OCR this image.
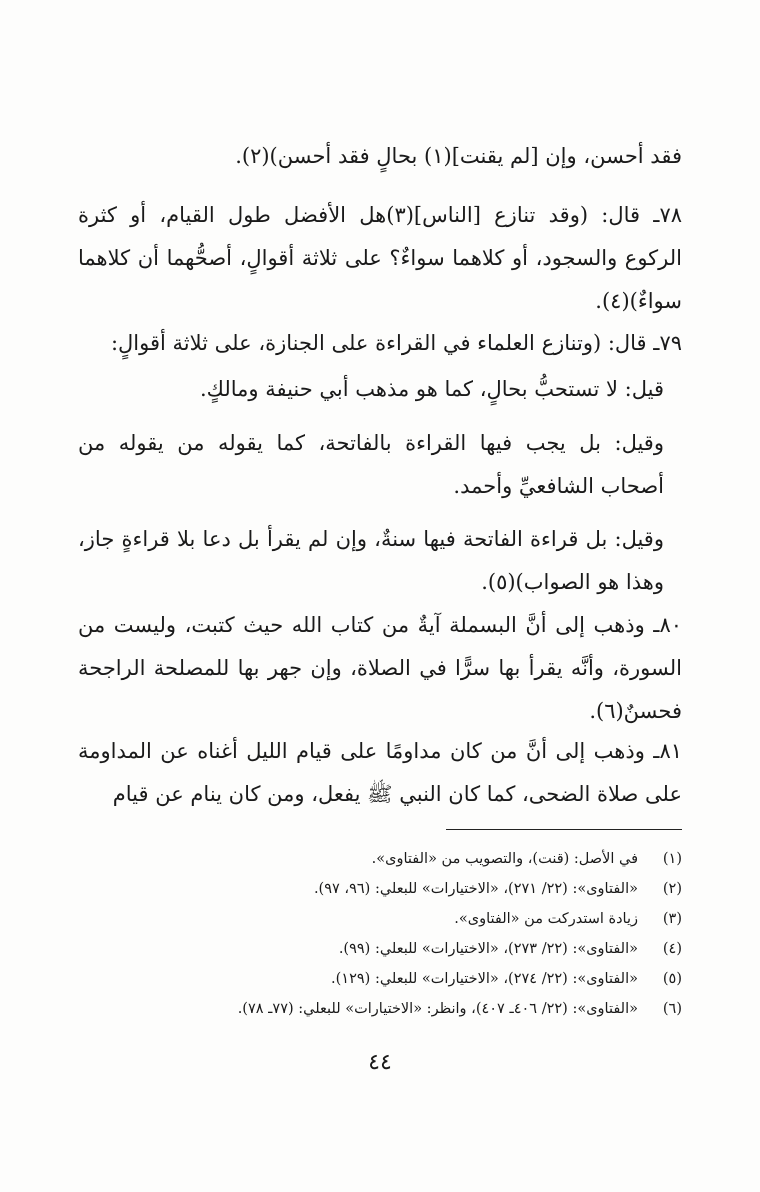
فقد أحسن، وإن [لم يقنت](١) بحالٍ فقد أحسن)(٢).
٧٨ـ قال: (وقد تنازع [الناس](٣)هل الأفضل طول القيام، أو كثرة الركوع والسجود، أو كلاهما سواءٌ؟ على ثلاثة أقوالٍ، أصحُّهما أن كلاهما سواءٌ)(٤).
٧٩ـ قال: (وتنازع العلماء في القراءة على الجنازة، على ثلاثة أقوالٍ:
قيل: لا تستحبُّ بحالٍ، كما هو مذهب أبي حنيفة ومالكٍ.
وقيل: بل يجب فيها القراءة بالفاتحة، كما يقوله من يقوله من أصحاب الشافعيِّ وأحمد.
وقيل: بل قراءة الفاتحة فيها سنةٌ، وإن لم يقرأ بل دعا بلا قراءةٍ جاز، وهذا هو الصواب)(٥).
٨٠ـ وذهب إلى أنَّ البسملة آيةٌ من كتاب الله حيث كتبت، وليست من السورة، وأنَّه يقرأ بها سرًّا في الصلاة، وإن جهر بها للمصلحة الراجحة فحسنٌ(٦).
٨١ـ وذهب إلى أنَّ من كان مداومًا على قيام الليل أغناه عن المداومة على صلاة الضحى، كما كان النبي ﷺ يفعل، ومن كان ينام عن قيام
(١)في الأصل: (قنت)، والتصويب من «الفتاوى».
(٢)«الفتاوى»: (٢٢/ ٢٧١)، «الاختيارات» للبعلي: (٩٦، ٩٧).
(٣)زيادة استدركت من «الفتاوى».
(٤)«الفتاوى»: (٢٢/ ٢٧٣)، «الاختيارات» للبعلي: (٩٩).
(٥)«الفتاوى»: (٢٢/ ٢٧٤)، «الاختيارات» للبعلي: (١٢٩).
(٦)«الفتاوى»: (٢٢/ ٤٠٦ـ ٤٠٧)، وانظر: «الاختيارات» للبعلي: (٧٧ـ ٧٨).
٤٤
